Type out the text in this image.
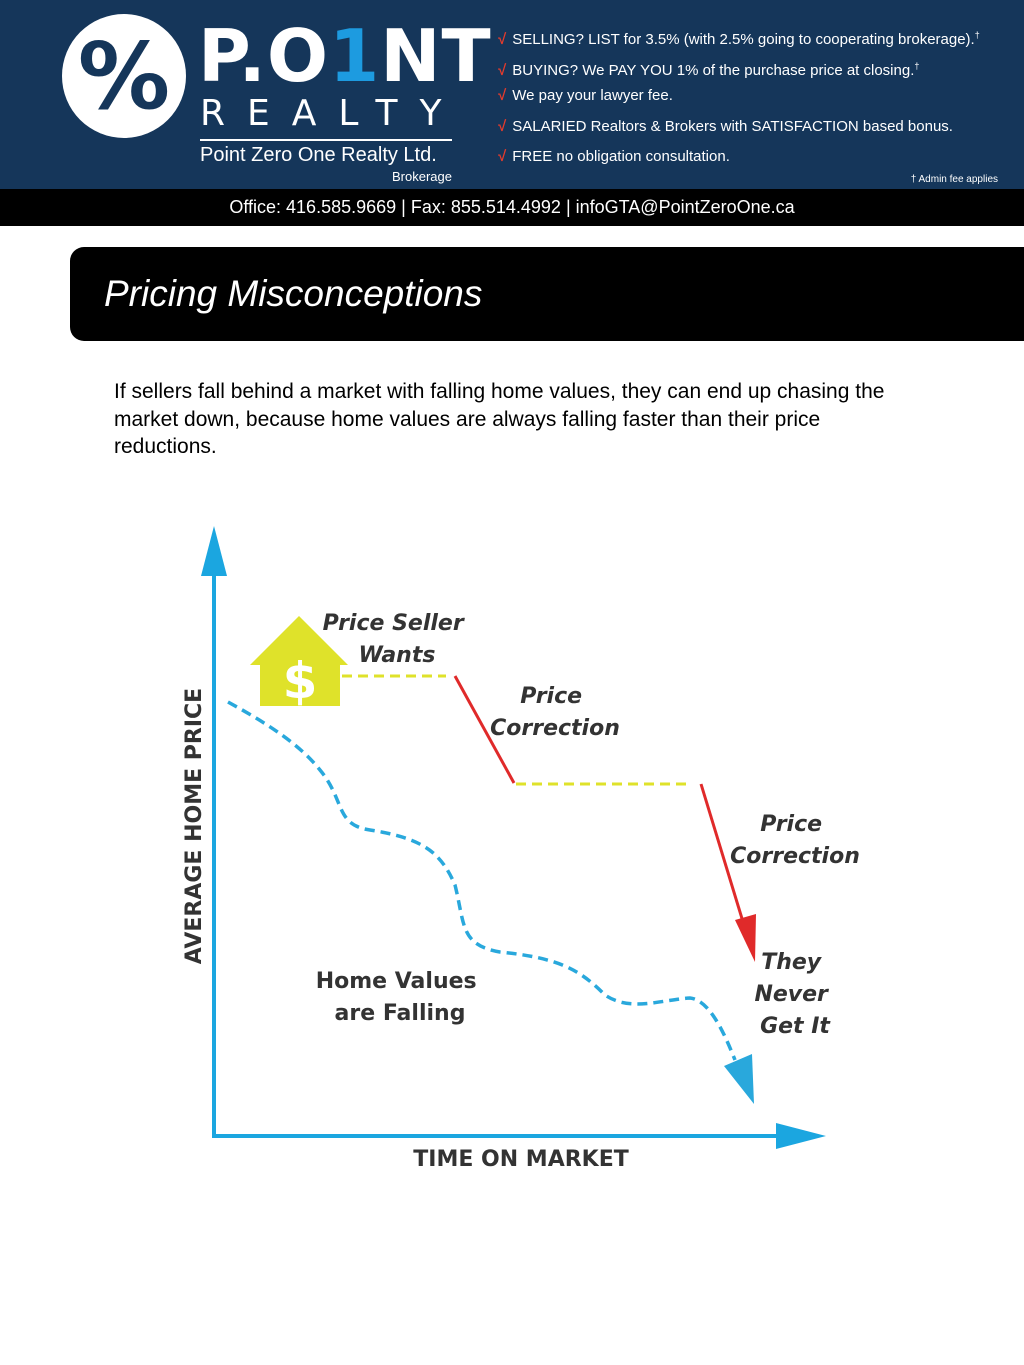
% P.O1NT
REALTY
Point Zero One Realty Ltd.
Brokerage
√ SELLING? LIST for 3.5% (with 2.5% going to cooperating brokerage).†
√ BUYING? We PAY YOU 1% of the purchase price at closing.†
√ We pay your lawyer fee.
√ SALARIED Realtors & Brokers with SATISFACTION based bonus.
√ FREE no obligation consultation.
† Admin fee applies
Office: 416.585.9669 | Fax: 855.514.4992 | infoGTA@PointZeroOne.ca
Pricing Misconceptions

If sellers fall behind a market with falling home values, they can end up chasing the
market down, because home values are always falling faster than their price reductions.

AVERAGE HOME PRICE
TIME ON MARKET
$
Price Seller Wants
Price Correction
Price Correction
They Never Get It
Home Values are Falling
